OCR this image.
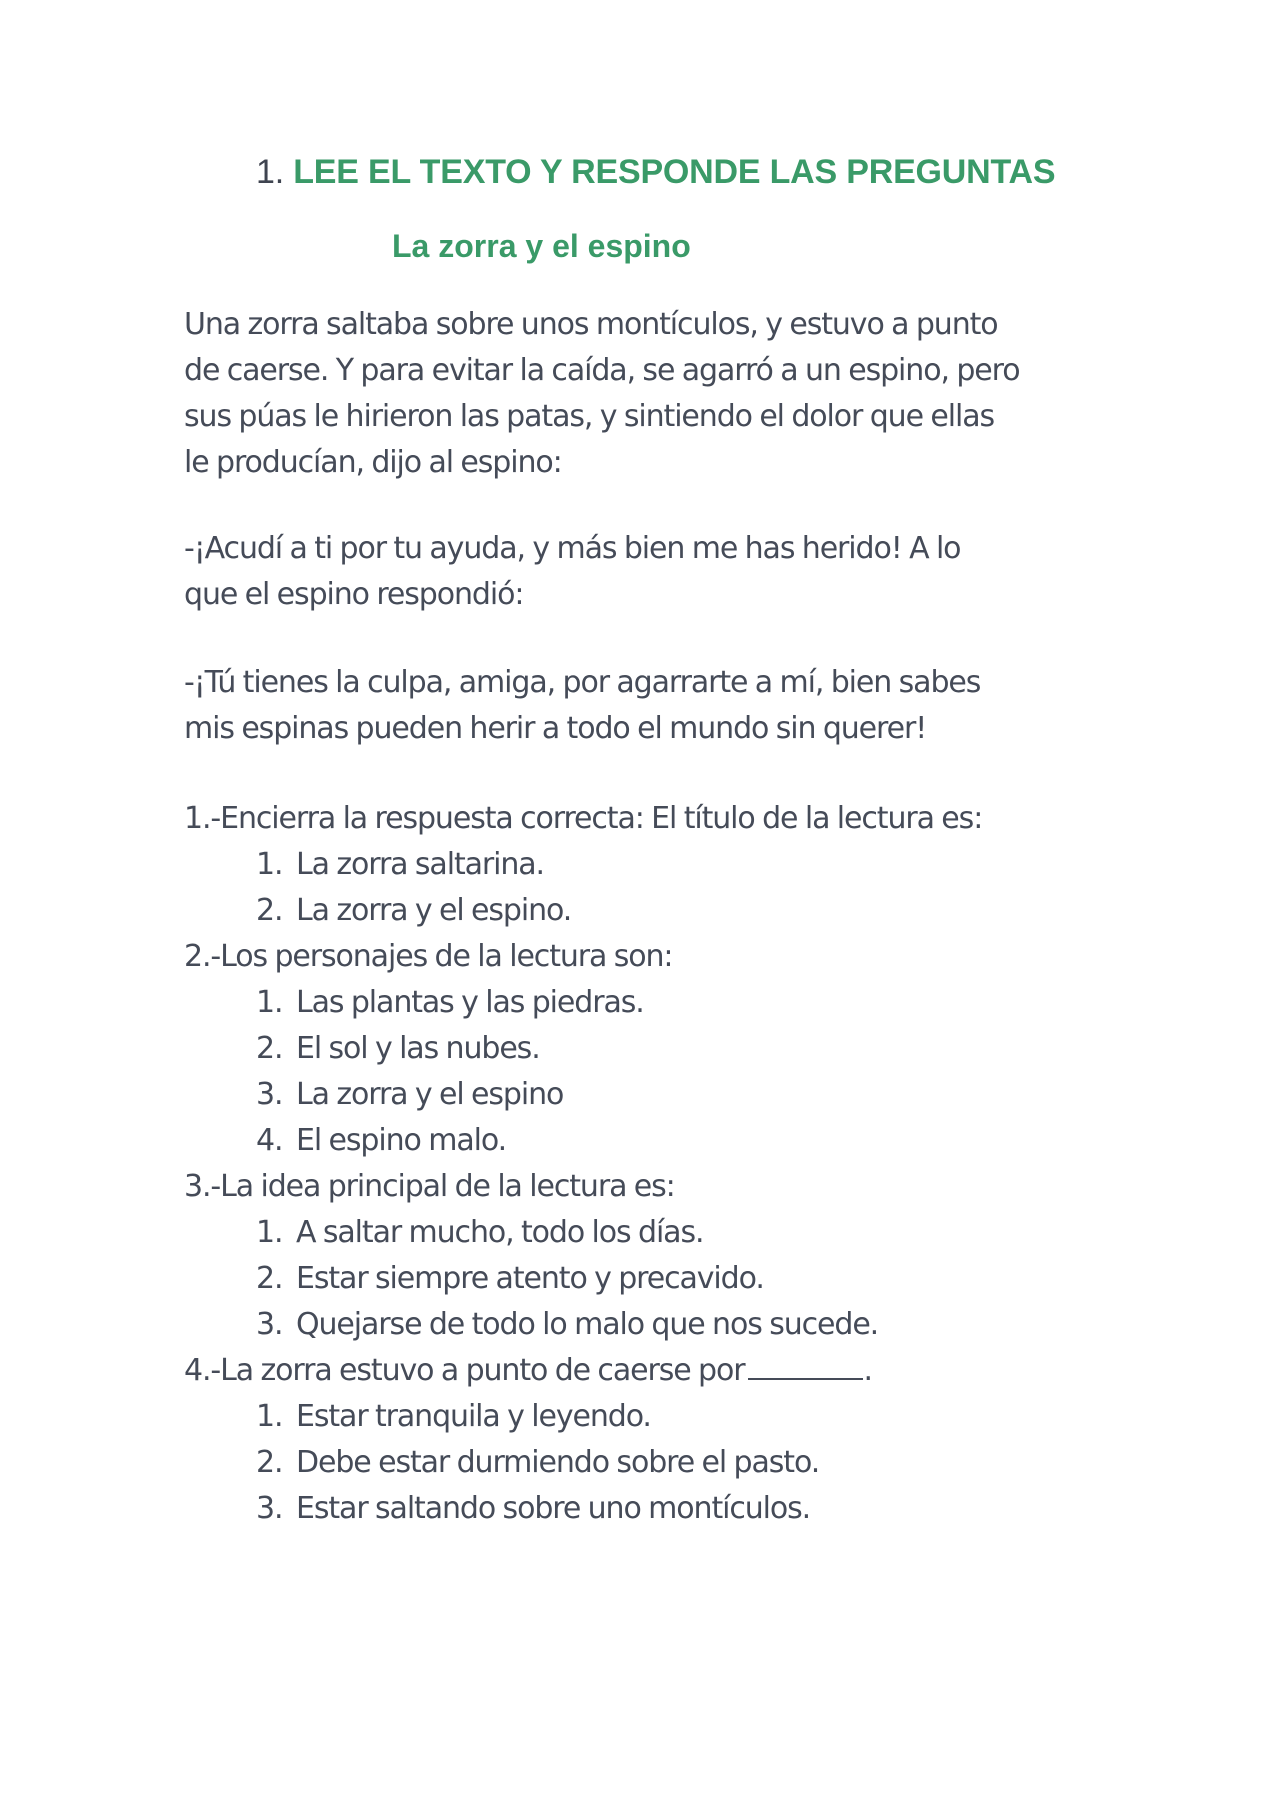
1. LEE EL TEXTO Y RESPONDE LAS PREGUNTAS
La zorra y el espino
Una zorra saltaba sobre unos montículos, y estuvo a punto
de caerse. Y para evitar la caída, se agarró a un espino, pero
sus púas le hirieron las patas, y sintiendo el dolor que ellas
le producían, dijo al espino:
-¡Acudí a ti por tu ayuda, y más bien me has herido! A lo
que el espino respondió:
-¡Tú tienes la culpa, amiga, por agarrarte a mí, bien sabes
mis espinas pueden herir a todo el mundo sin querer!
1.-Encierra la respuesta correcta: El título de la lectura es:
1. La zorra saltarina.
2. La zorra y el espino.
2.-Los personajes de la lectura son:
1. Las plantas y las piedras.
2. El sol y las nubes.
3. La zorra y el espino
4. El espino malo.
3.-La idea principal de la lectura es:
1. A saltar mucho, todo los días.
2. Estar siempre atento y precavido.
3. Quejarse de todo lo malo que nos sucede.
4.-La zorra estuvo a punto de caerse por	.
1. Estar tranquila y leyendo.
2. Debe estar durmiendo sobre el pasto.
3. Estar saltando sobre uno montículos.
